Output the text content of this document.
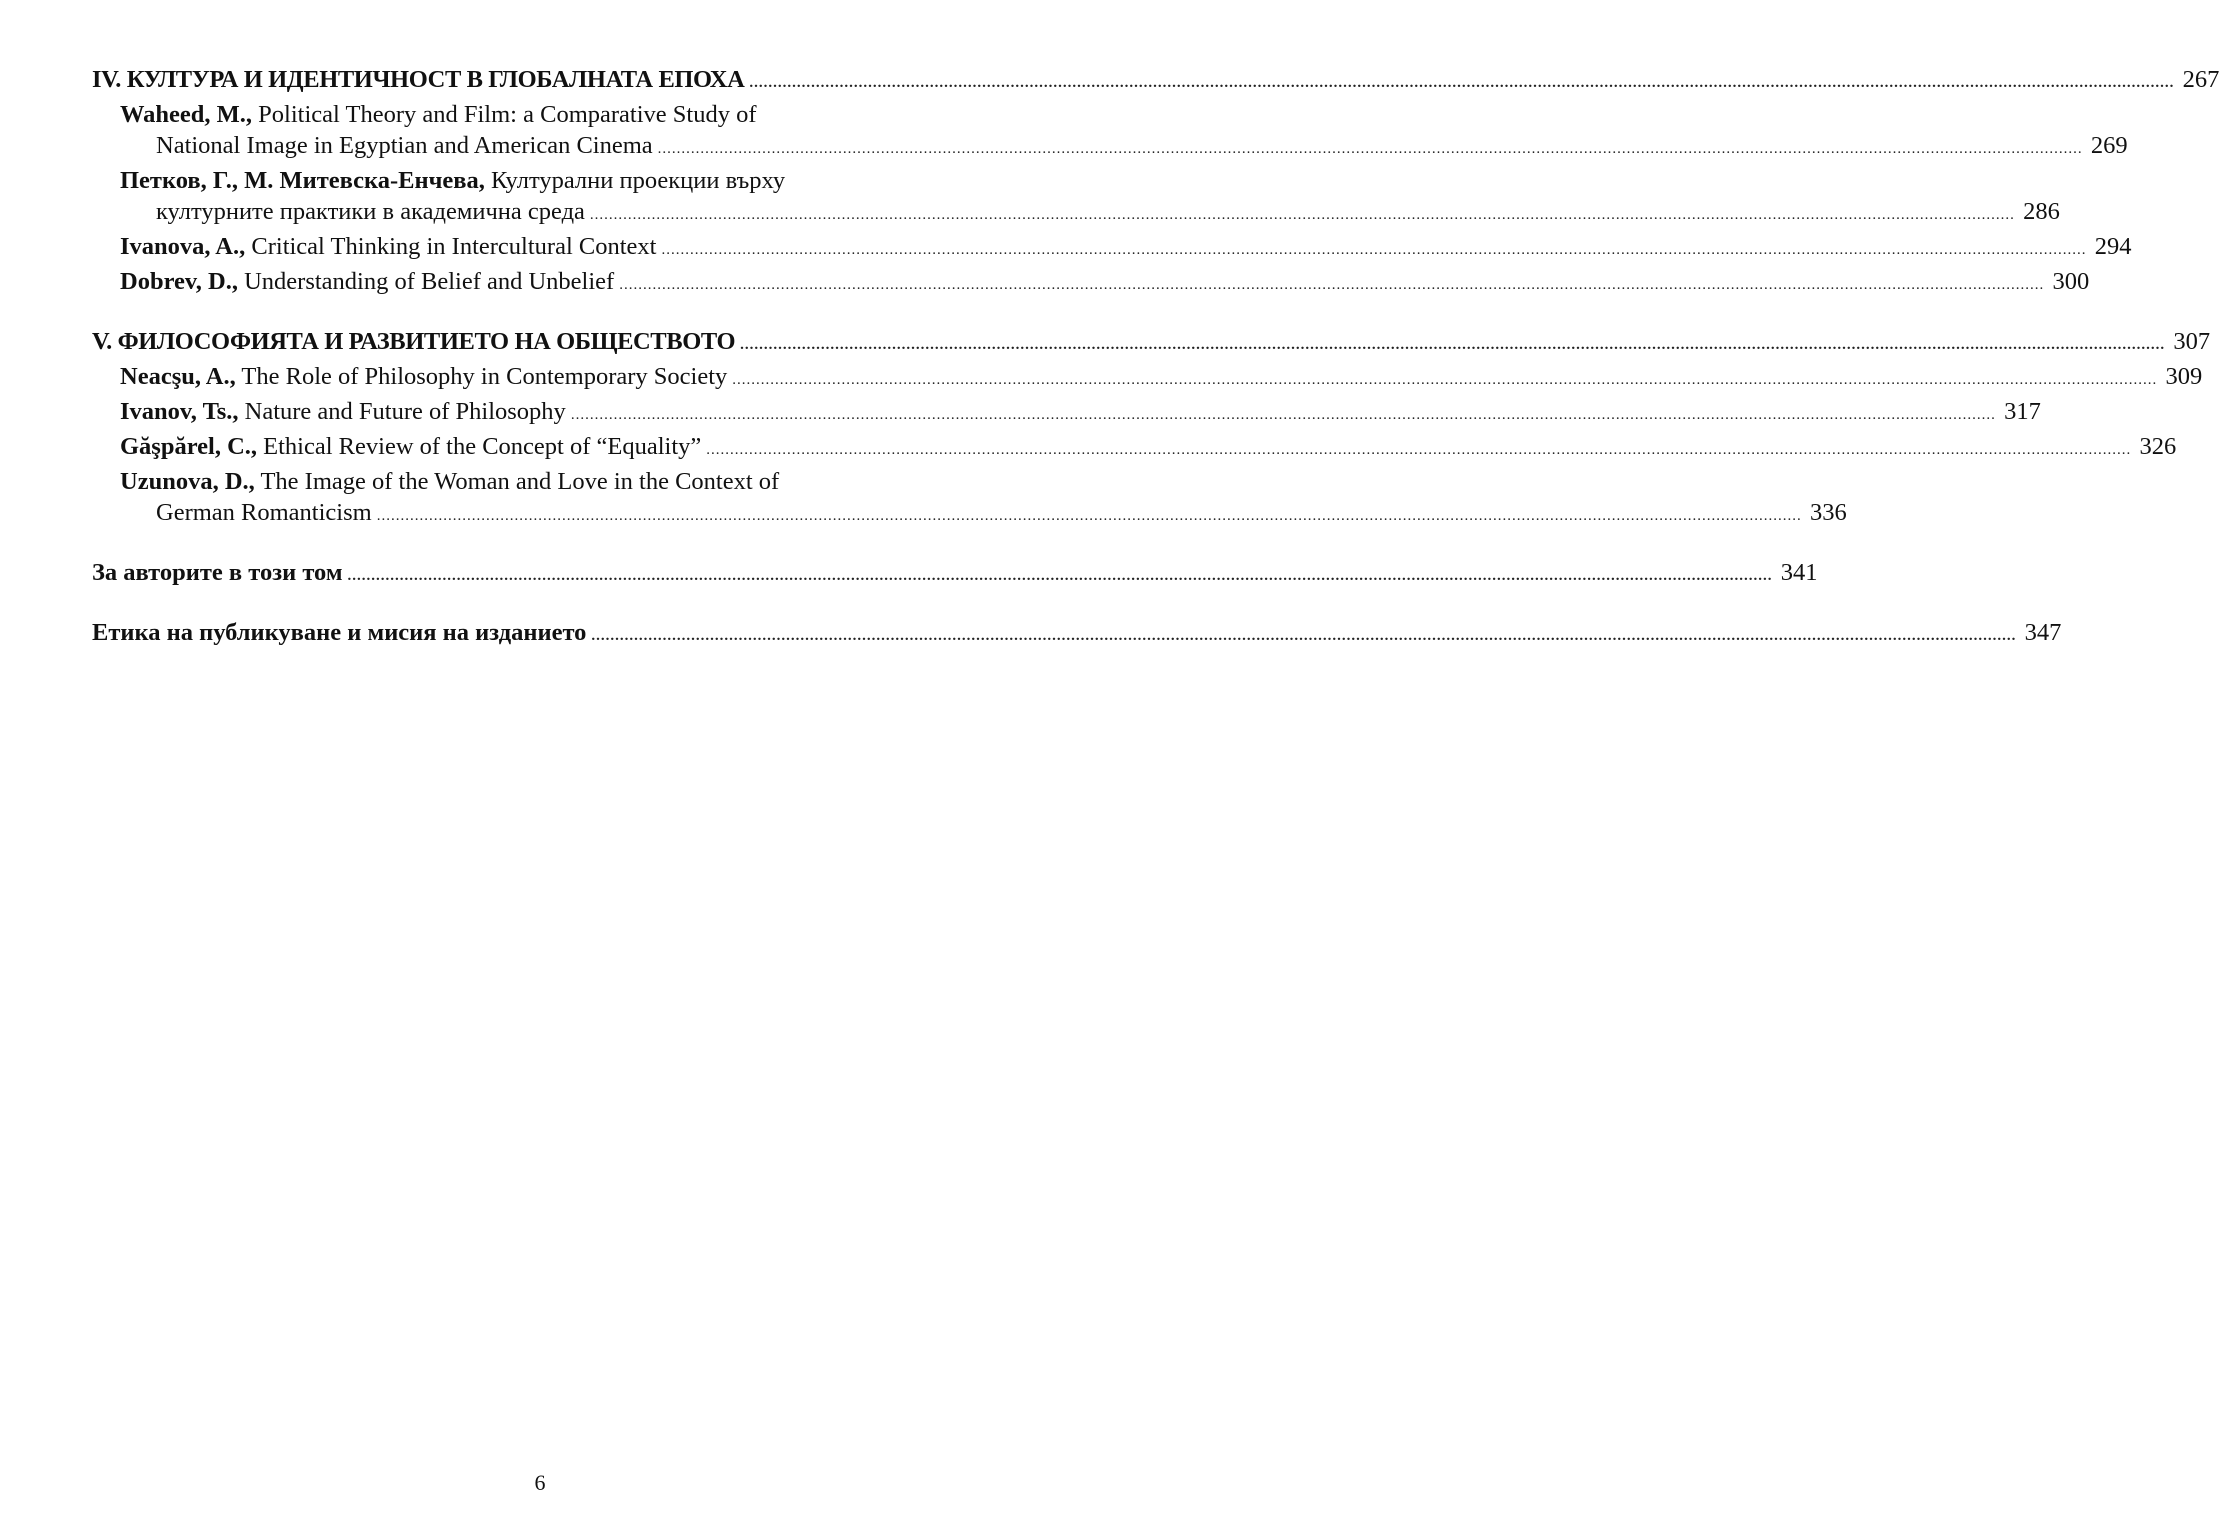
IV. КУЛТУРА И ИДЕНТИЧНОСТ В ГЛОБАЛНАТА ЕПОХА ............................................................................................................................................................................................................................................................................................................ 267
Waheed, M., Political Theory and Film: a Comparative Study of
National Image in Egyptian and American Cinema ............................................................................................................................................................................................................................................................................................................ 269
Петков, Г., М. Митевска-Енчева, Културални проекции върху
културните практики в академична среда ............................................................................................................................................................................................................................................................................................................ 286
Ivanova, A., Critical Thinking in Intercultural Context ............................................................................................................................................................................................................................................................................................................ 294
Dobrev, D., Understanding of Belief and Unbelief ............................................................................................................................................................................................................................................................................................................ 300
V. ФИЛОСОФИЯТА И РАЗВИТИЕТО НА ОБЩЕСТВОТО ............................................................................................................................................................................................................................................................................................................ 307
Neacşu, A., The Role of Philosophy in Contemporary Society ............................................................................................................................................................................................................................................................................................................ 309
Ivanov, Ts., Nature and Future of Philosophy ............................................................................................................................................................................................................................................................................................................ 317
Găşpărel, C., Ethical Review of the Concept of “Equality” ............................................................................................................................................................................................................................................................................................................ 326
Uzunova, D., The Image of the Woman and Love in the Context of
German Romanticism ............................................................................................................................................................................................................................................................................................................ 336
За авторите в този том ............................................................................................................................................................................................................................................................................................................ 341
Етика на публикуване и мисия на изданието ............................................................................................................................................................................................................................................................................................................ 347
6
